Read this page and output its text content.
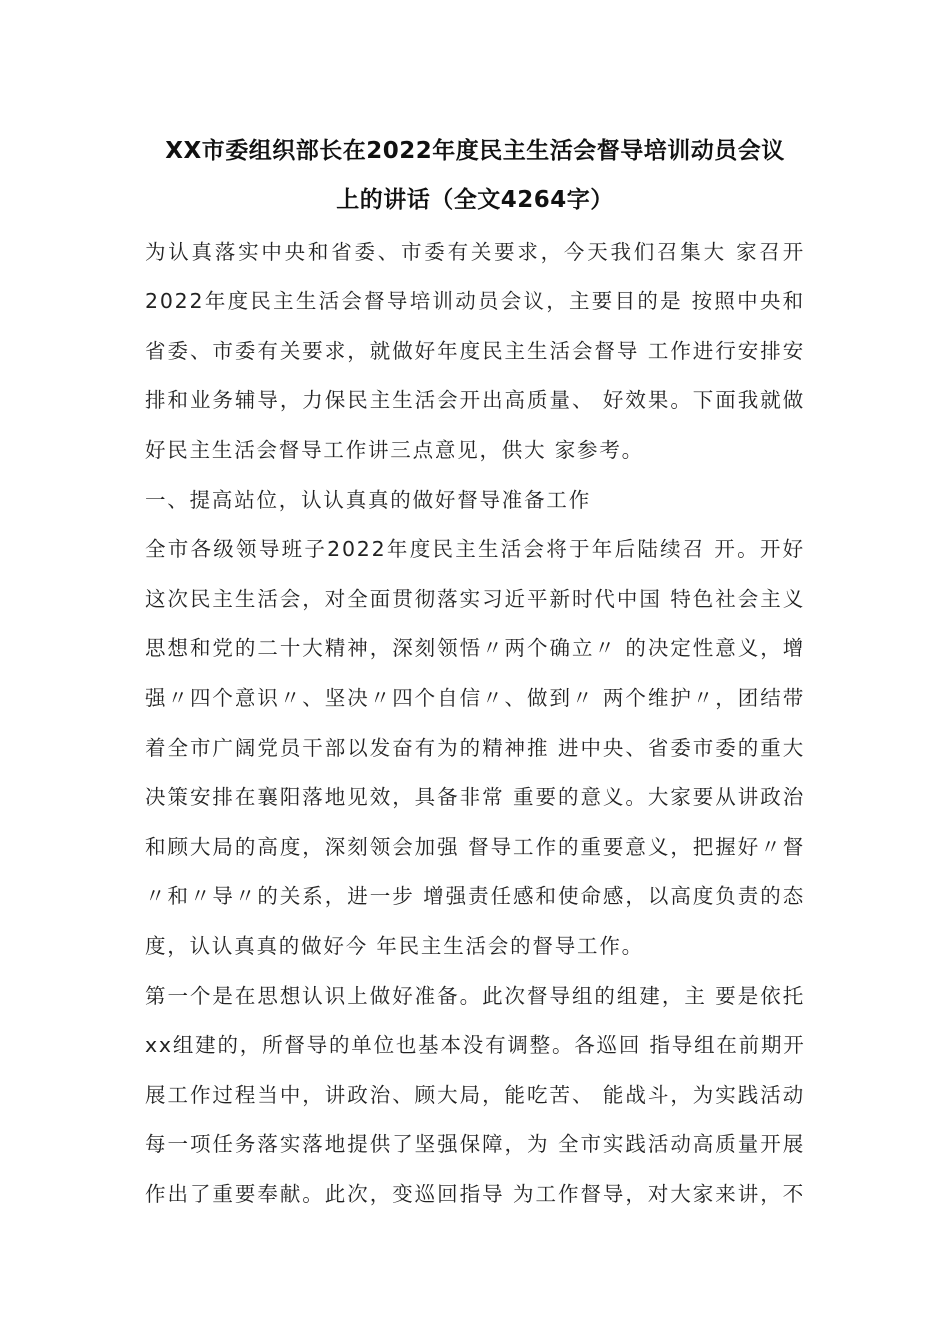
XX市委组织部长在2022年度民主生活会督导培训动员会议
上的讲话（全文4264字）
为认真落实中央和省委、市委有关要求，今天我们召集大 家召开
2022年度民主生活会督导培训动员会议，主要目的是 按照中央和
省委、市委有关要求，就做好年度民主生活会督导 工作进行安排安
排和业务辅导，力保民主生活会开出高质量、 好效果。下面我就做
好民主生活会督导工作讲三点意见，供大 家参考。
一、提高站位，认认真真的做好督导准备工作
全市各级领导班子2022年度民主生活会将于年后陆续召 开。开好
这次民主生活会，对全面贯彻落实习近平新时代中国 特色社会主义
思想和党的二十大精神，深刻领悟〃两个确立〃 的决定性意义，增
强〃四个意识〃、坚决〃四个自信〃、做到〃 两个维护〃，团结带
着全市广阔党员干部以发奋有为的精神推 进中央、省委市委的重大
决策安排在襄阳落地见效，具备非常 重要的意义。大家要从讲政治
和顾大局的高度，深刻领会加强 督导工作的重要意义，把握好〃督
〃和〃导〃的关系，进一步 增强责任感和使命感，以高度负责的态
度，认认真真的做好今 年民主生活会的督导工作。
第一个是在思想认识上做好准备。此次督导组的组建，主 要是依托
xx组建的，所督导的单位也基本没有调整。各巡回 指导组在前期开
展工作过程当中，讲政治、顾大局，能吃苦、 能战斗，为实践活动
每一项任务落实落地提供了坚强保障，为 全市实践活动高质量开展
作出了重要奉献。此次，变巡回指导 为工作督导，对大家来讲，不
